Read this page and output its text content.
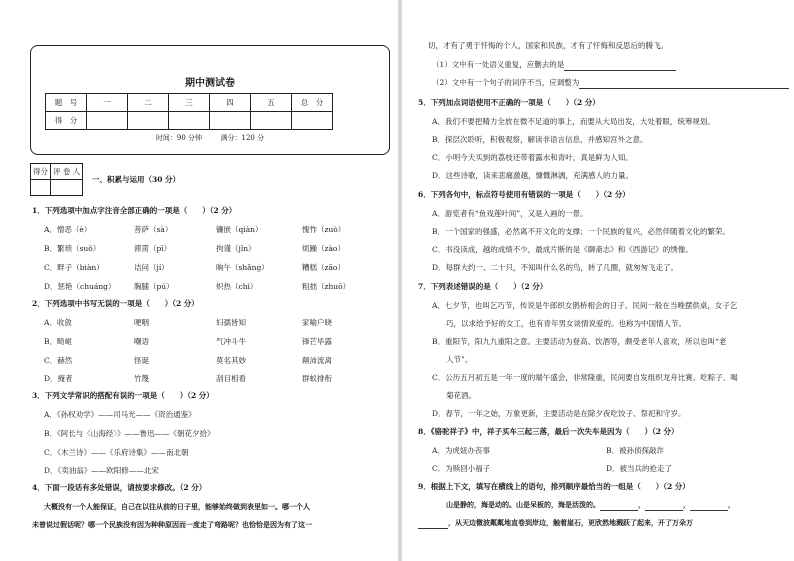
期中测试卷
题　号	一	二	三	四	五	总　分
得　分						
时间：90 分钟	满分：120 分
得分	评 卷 人

一、积累与运用（30 分）
1．下列选项中加点字注音全部正确的一项是（　　）（2 分）
A．憎恶（è）	菩萨（sà）	镰嵌（qiàn）	愧怍（zuò）
B．繁琐（suǒ）	滞雳（pī）	拘谨（jǐn）	烦躁（zào）
C．畔子（biàn）	诘问（jí）	晌午（shǎng）	糟糕（zāo）
D．惩艳（chuáng） 胸脯（pú）	炽热（chì）	粗拙（zhuō）
2．下列选项中书写无误的一项是（　　）（2 分）
A．收敛	哽咽	妇孺皆知	家喻户晓
B．畸岖	嘲语	气冲斗牛	锋芒毕露
C．赫然	怪诞	莫名其妙	颠沛流离
D．掩者	竹篾	刮目相看	群蚁排衔
3．下列文学常识的搭配有误的一项是（　　）（2 分）
A．《孙权劝学》——司马光——《资治通鉴》
B．《阿长与〈山海经〉》——鲁迅——《朝花夕拾》
C．《木兰诗》——《乐府诗集》——南北朝
D．《卖油翁》——欧阳修——北宋
4．下面一段话有多处错误，请按要求修改。（2 分）
大概没有一个人能保证，自己在以往从前的日子里，能够始终做到表里如一。哪一个人
未曾说过假话呢？哪一个民族没有因为种种原因而一度走了弯路呢？也恰恰是因为有了这一
切，才有了勇于忏悔的个人，国家和民族，才有了忏悔和反思后的腾飞。
（1）文中有一处语义重复，应删去的是
（2）文中有一个句子的词序不当，应调整为
5．下列加点词语使用不正确的一项是（　　）（2 分）
A．我们不要把精力全放在微不足道的事上，而要从大局出发，大处着眼，统筹规划。
B．探层次聆听，积极观察，解读非语言信息，并感知宫外之意。
C．小明今天买到的荔枝还带着露水和青叶，真是鲜为人知。
D．这些诗歌，读来悲痛激越，慷慨淋漓，充满感人的力量。
6．下列各句中，标点符号使用有错误的一项是（　　）（2 分）
A．游览者有“鱼戏莲叶间”，又是入画的一景。
B．一个国家的强盛，必然离不开文化的支撑；一个民族的复兴，必然伴随着文化的繁荣。
C．书没读成，越的成绩不少，最成片断的是《聊斋志》和《西游记》的绣像。
D．每群大约一、二十只，不知叫什么名的鸟，转了几圈，就匆匆飞走了。
7．下列表述错误的是（　　）（2 分）
A．七夕节，也叫乞巧节，传说是牛郎织女鹊桥相会的日子。民间一般在当晚摆供桌，女子乞
巧，以求给予好的女工，也有青年男女谈情说爱的。也称为中国情人节。
B．重阳节，阳九九重阳之意。主要活动为登高、饮酒等，颇受老年人喜欢，所以也叫“老
人节”。
C．公历五月初五是一年一度的端午盛会，非常隆重，民间要自发组织龙舟比赛、吃粽子、喝
菊花酒。
D．春节，一年之始，万象更新，主要活动是在除夕夜吃饺子、祭祀和守岁。
8．《骆驼祥子》中，祥子买车三起三落，最后一次失车是因为（　　）（2 分）
A．为虎妞办丧事	B．被孙侦探敲诈
C．为赎回小福子	D．被当兵的抢走了
9．根据上下文，填写在横线上的语句，排列顺序最恰当的一组是（　　）（2 分）
山是静的，海是动的。山是呆板的，海是活泼的。	，	，	，
，从天边微波粼粼地直卷到岸边，触着崖石，更欣然地溅跃了起来，开了万朵万
